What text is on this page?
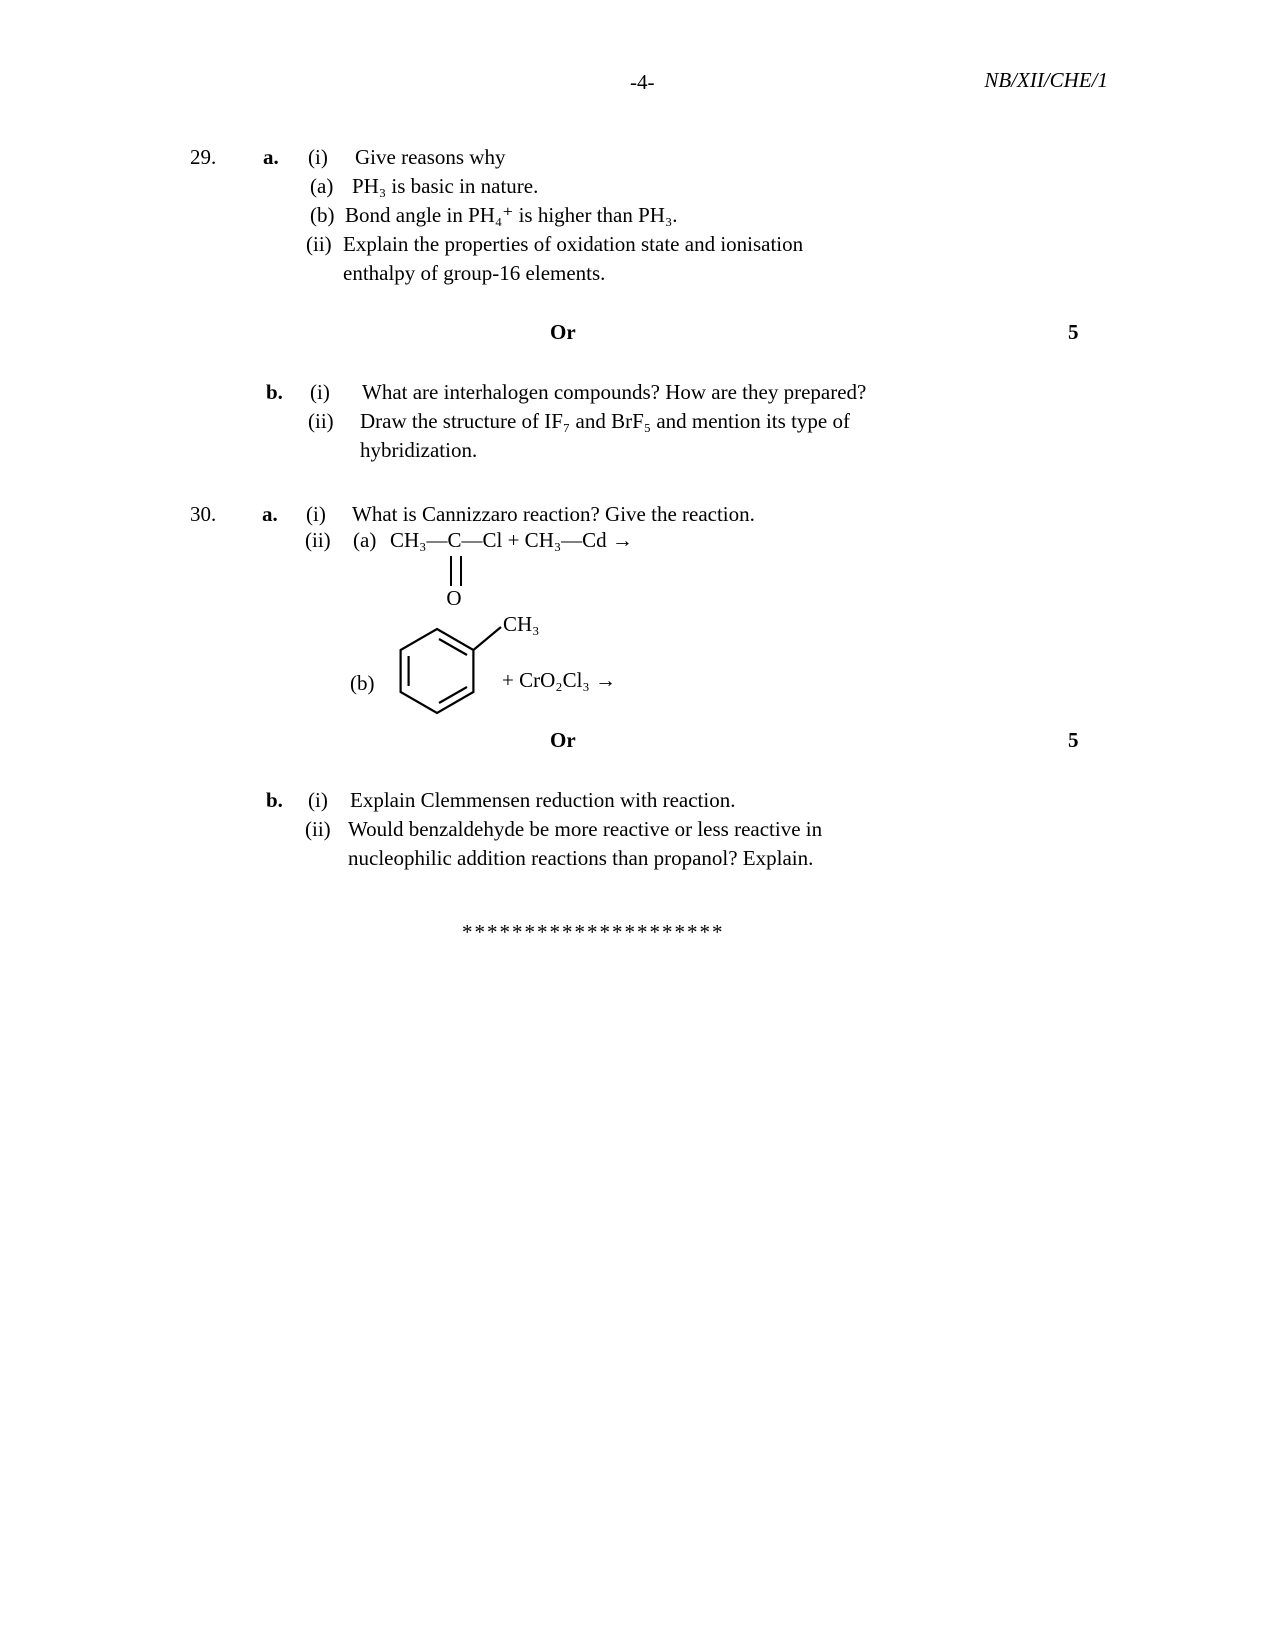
-4-	NB/XII/CHE/1
29. a. (i) Give reasons why
(a) PH₃ is basic in nature.
(b) Bond angle in PH₄⁺ is higher than PH₃.
(ii) Explain the properties of oxidation state and ionisation
enthalpy of group-16 elements.
Or	5
b. (i) What are interhalogen compounds? How are they prepared?
(ii) Draw the structure of IF₇ and BrF₅ and mention its type of
hybridization.
30. a. (i) What is Cannizzaro reaction? Give the reaction.
(ii) (a) CH₃—C—Cl + CH₃—Cd →
O
CH₃
(b)	+ CrO₂Cl₃ →
Or	5
b. (i) Explain Clemmensen reduction with reaction.
(ii) Would benzaldehyde be more reactive or less reactive in
nucleophilic addition reactions than propanol? Explain.
*********************
